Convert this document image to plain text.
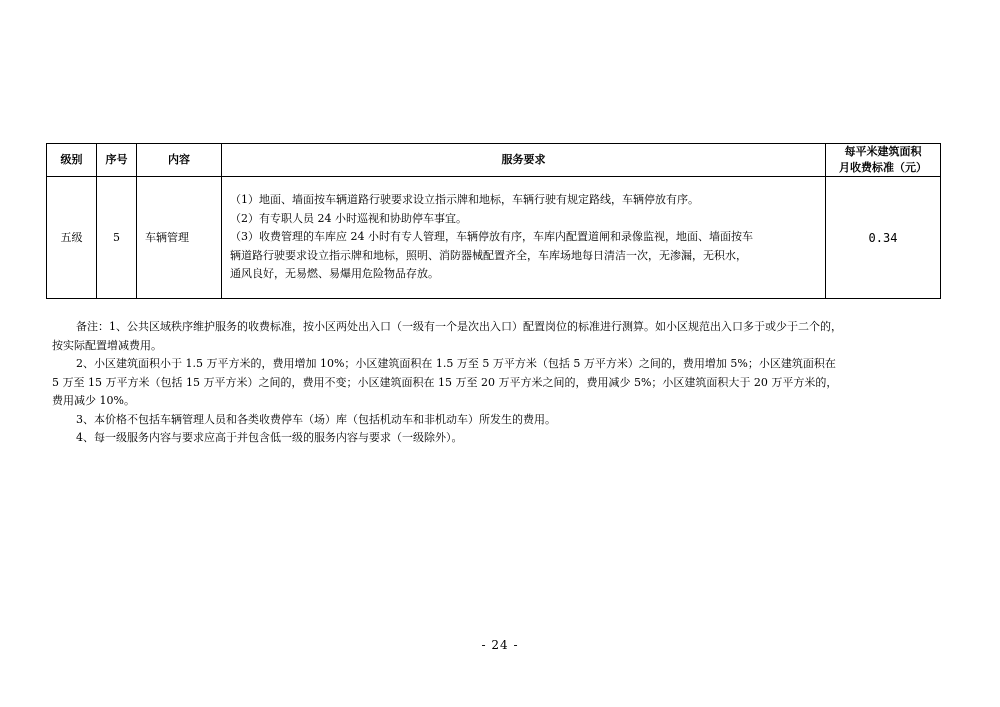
级别	序号	内容	服务要求	每平米建筑面积
月收费标准（元）

五级	5	车辆管理	（1）地面、墙面按车辆道路行驶要求设立指示牌和地标，车辆行驶有规定路线，车辆停放有序。
（2）有专职人员 24 小时巡视和协助停车事宜。
（3）收费管理的车库应 24 小时有专人管理，车辆停放有序，车库内配置道闸和录像监视，地面、墙面按车
辆道路行驶要求设立指示牌和地标，照明、消防器械配置齐全，车库场地每日清洁一次，无渗漏，无积水，
通风良好，无易燃、易爆用危险物品存放。	0.34

备注：1、公共区域秩序维护服务的收费标准，按小区两处出入口（一级有一个是次出入口）配置岗位的标准进行测算。如小区规范出入口多于或少于二个的，

按实际配置增减费用。

2、小区建筑面积小于 1.5 万平方米的，费用增加 10%；小区建筑面积在 1.5 万至 5 万平方米（包括 5 万平方米）之间的，费用增加 5%；小区建筑面积在

5 万至 15 万平方米（包括 15 万平方米）之间的，费用不变；小区建筑面积在 15 万至 20 万平方米之间的，费用减少 5%；小区建筑面积大于 20 万平方米的，

费用减少 10%。

3、本价格不包括车辆管理人员和各类收费停车（场）库（包括机动车和非机动车）所发生的费用。

4、每一级服务内容与要求应高于并包含低一级的服务内容与要求（一级除外）。

- 24 -
